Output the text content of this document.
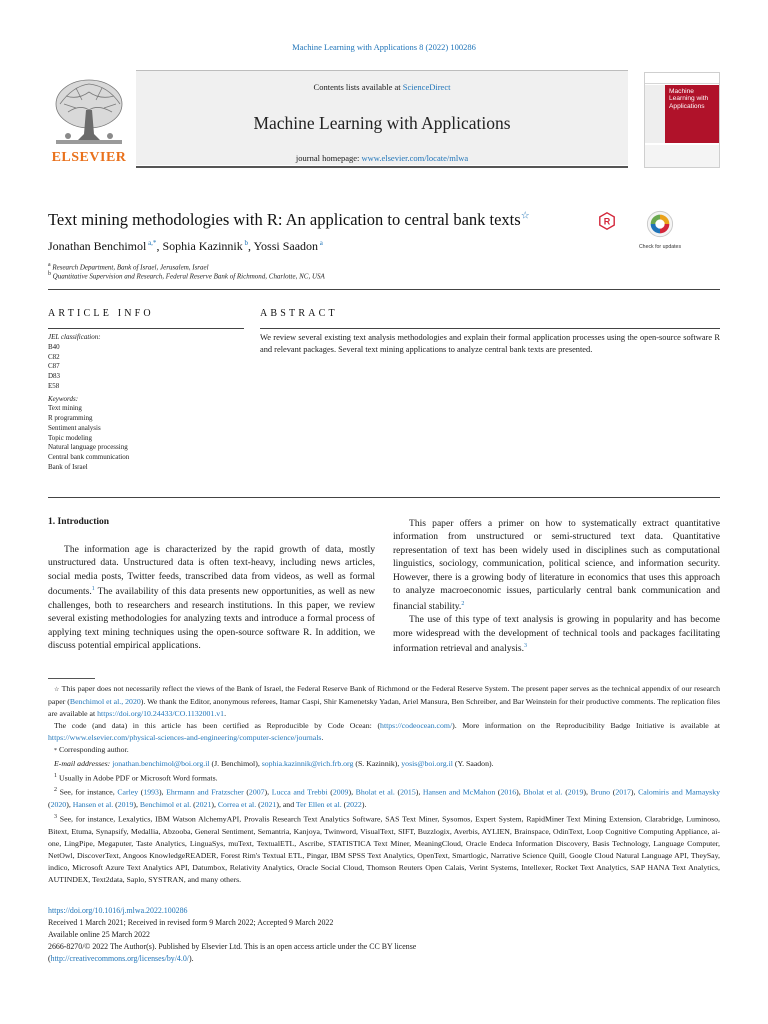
Machine Learning with Applications 8 (2022) 100286
ELSEVIER
Contents lists available at ScienceDirect
Machine Learning with Applications
journal homepage: www.elsevier.com/locate/mlwa
Machine Learning with Applications
Text mining methodologies with R: An application to central bank texts☆	R
Check for updates
Jonathan Benchimol $^{a,*}$, Sophia Kazinnik $^b$, Yossi Saadon $^a$
$^a$ Research Department, Bank of Israel, Jerusalem, Israel
$^b$ Quantitative Supervision and Research, Federal Reserve Bank of Richmond, Charlotte, NC, USA
ARTICLE INFO	ABSTRACT
JEL classification:
B40
C82
C87
D83
E58
Keywords:
Text mining
R programming
Sentiment analysis
Topic modeling
Natural language processing
Central bank communication
Bank of Israel
We review several existing text analysis methodologies and explain their formal application processes using the open-source software R and relevant packages. Several text mining applications to analyze central bank texts are presented.
1. Introduction

The information age is characterized by the rapid growth of data, mostly unstructured data. Unstructured data is often text-heavy, including news articles, social media posts, Twitter feeds, transcribed data from videos, as well as formal documents.$^1$ The availability of this data presents new opportunities, as well as new challenges, both to researchers and research institutions. In this paper, we review several existing methodologies for analyzing texts and introduce a formal process of applying text mining techniques using the open-source software R. In addition, we discuss potential empirical applications.

This paper offers a primer on how to systematically extract quantitative information from unstructured or semi-structured text data. Quantitative representation of text has been widely used in disciplines such as computational linguistics, sociology, communication, political science, and information security. However, there is a growing body of literature in economics that uses this approach to analyze macroeconomic issues, particularly central bank communication and financial stability.$^2$

The use of this type of text analysis is growing in popularity and has become more widespread with the development of technical tools and packages facilitating information retrieval and analysis.$^3$

☆ This paper does not necessarily reflect the views of the Bank of Israel, the Federal Reserve Bank of Richmond or the Federal Reserve System. The present paper serves as the technical appendix of our research paper (Benchimol et al., 2020). We thank the Editor, anonymous referees, Itamar Caspi, Shir Kamenetsky Yadan, Ariel Mansura, Ben Schreiber, and Bar Weinstein for their productive comments. The replication files are available at https://doi.org/10.24433/CO.1132001.v1.

The code (and data) in this article has been certified as Reproducible by Code Ocean: (https://codeocean.com/). More information on the Reproducibility Badge Initiative is available at https://www.elsevier.com/physical-sciences-and-engineering/computer-science/journals.

* Corresponding author.

E-mail addresses: jonathan.benchimol@boi.org.il (J. Benchimol), sophia.kazinnik@rich.frb.org (S. Kazinnik), yosis@boi.org.il (Y. Saadon).

$^1$ Usually in Adobe PDF or Microsoft Word formats.

$^2$ See, for instance, Carley (1993), Ehrmann and Fratzscher (2007), Lucca and Trebbi (2009), Bholat et al. (2015), Hansen and McMahon (2016), Bholat et al. (2019), Bruno (2017), Calomiris and Mamaysky (2020), Hansen et al. (2019), Benchimol et al. (2021), Correa et al. (2021), and Ter Ellen et al. (2022).

$^3$ See, for instance, Lexalytics, IBM Watson AlchemyAPI, Provalis Research Text Analytics Software, SAS Text Miner, Sysomos, Expert System, RapidMiner Text Mining Extension, Clarabridge, Luminoso, Bitext, Etuma, Synapsify, Medallia, Abzooba, General Sentiment, Semantria, Kanjoya, Twinword, VisualText, SIFT, Buzzlogix, Averbis, AYLIEN, Brainspace, OdinText, Loop Cognitive Computing Appliance, ai-one, LingPipe, Megaputer, Taste Analytics, LinguaSys, muText, TextualETL, Ascribe, STATISTICA Text Miner, MeaningCloud, Oracle Endeca Information Discovery, Basis Technology, Language Computer, NetOwl, DiscoverText, Angoos KnowledgeREADER, Forest Rim's Textual ETL, Pingar, IBM SPSS Text Analytics, OpenText, Smartlogic, Narrative Science Quill, Google Cloud Natural Language API, TheySay, indico, Microsoft Azure Text Analytics API, Datumbox, Relativity Analytics, Oracle Social Cloud, Thomson Reuters Open Calais, Verint Systems, Intellexer, Rocket Text Analytics, SAP HANA Text Analytics, AUTINDEX, Text2data, Saplo, SYSTRAN, and many others.

https://doi.org/10.1016/j.mlwa.2022.100286
Received 1 March 2021; Received in revised form 9 March 2022; Accepted 9 March 2022
Available online 25 March 2022
2666-8270/© 2022 The Author(s). Published by Elsevier Ltd. This is an open access article under the CC BY license
(http://creativecommons.org/licenses/by/4.0/).
